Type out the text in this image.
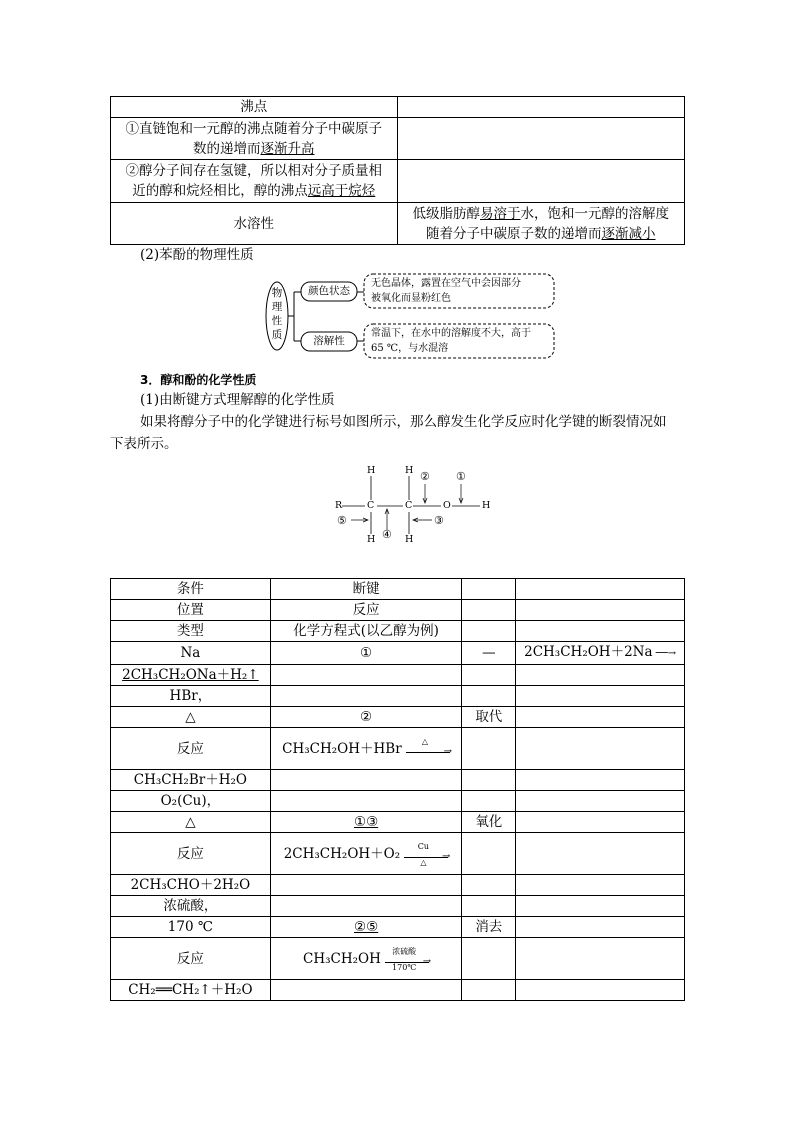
沸点	
①直链饱和一元醇的沸点随着分子中碳原子
数的递增而逐渐升高	
②醇分子间存在氢键，所以相对分子质量相
近的醇和烷烃相比，醇的沸点远高于烷烃	
水溶性	低级脂肪醇易溶于水，饱和一元醇的溶解度
随着分子中碳原子数的递增而逐渐减小
(2)苯酚的物理性质
物理性质
颜色状态
溶解性
无色晶体，露置在空气中会因部分
被氧化而显粉红色
常温下，在水中的溶解度不大，高于
65 ℃，与水混溶
3．醇和酚的化学性质
(1)由断键方式理解醇的化学性质
如果将醇分子中的化学键进行标号如图所示，那么醇发生化学反应时化学键的断裂情况如
下表所示。
R	C	C	O	H
H	H
H	H
①
②
③
④
⑤
条件	断键		
位置	反应		
类型	化学方程式(以乙醇为例)		
Na	①	—	2CH₃CH₂OH＋2Na ──→
2CH₃CH₂ONa＋H₂↑			
HBr，			
△	②	取代	
反应	CH₃CH₂OH＋HBr △
→		

CH₃CH₂Br＋H₂O			
O₂(Cu)，			
△	①③	氧化	
反应	2CH₃CH₂OH＋O₂ Cu
△
→		

2CH₃CHO＋2H₂O			
浓硫酸，			
170 ℃	②⑤	消去	
反应	CH₃CH₂OH 浓硫酸
170℃
→		

CH₂══CH₂↑＋H₂O			
